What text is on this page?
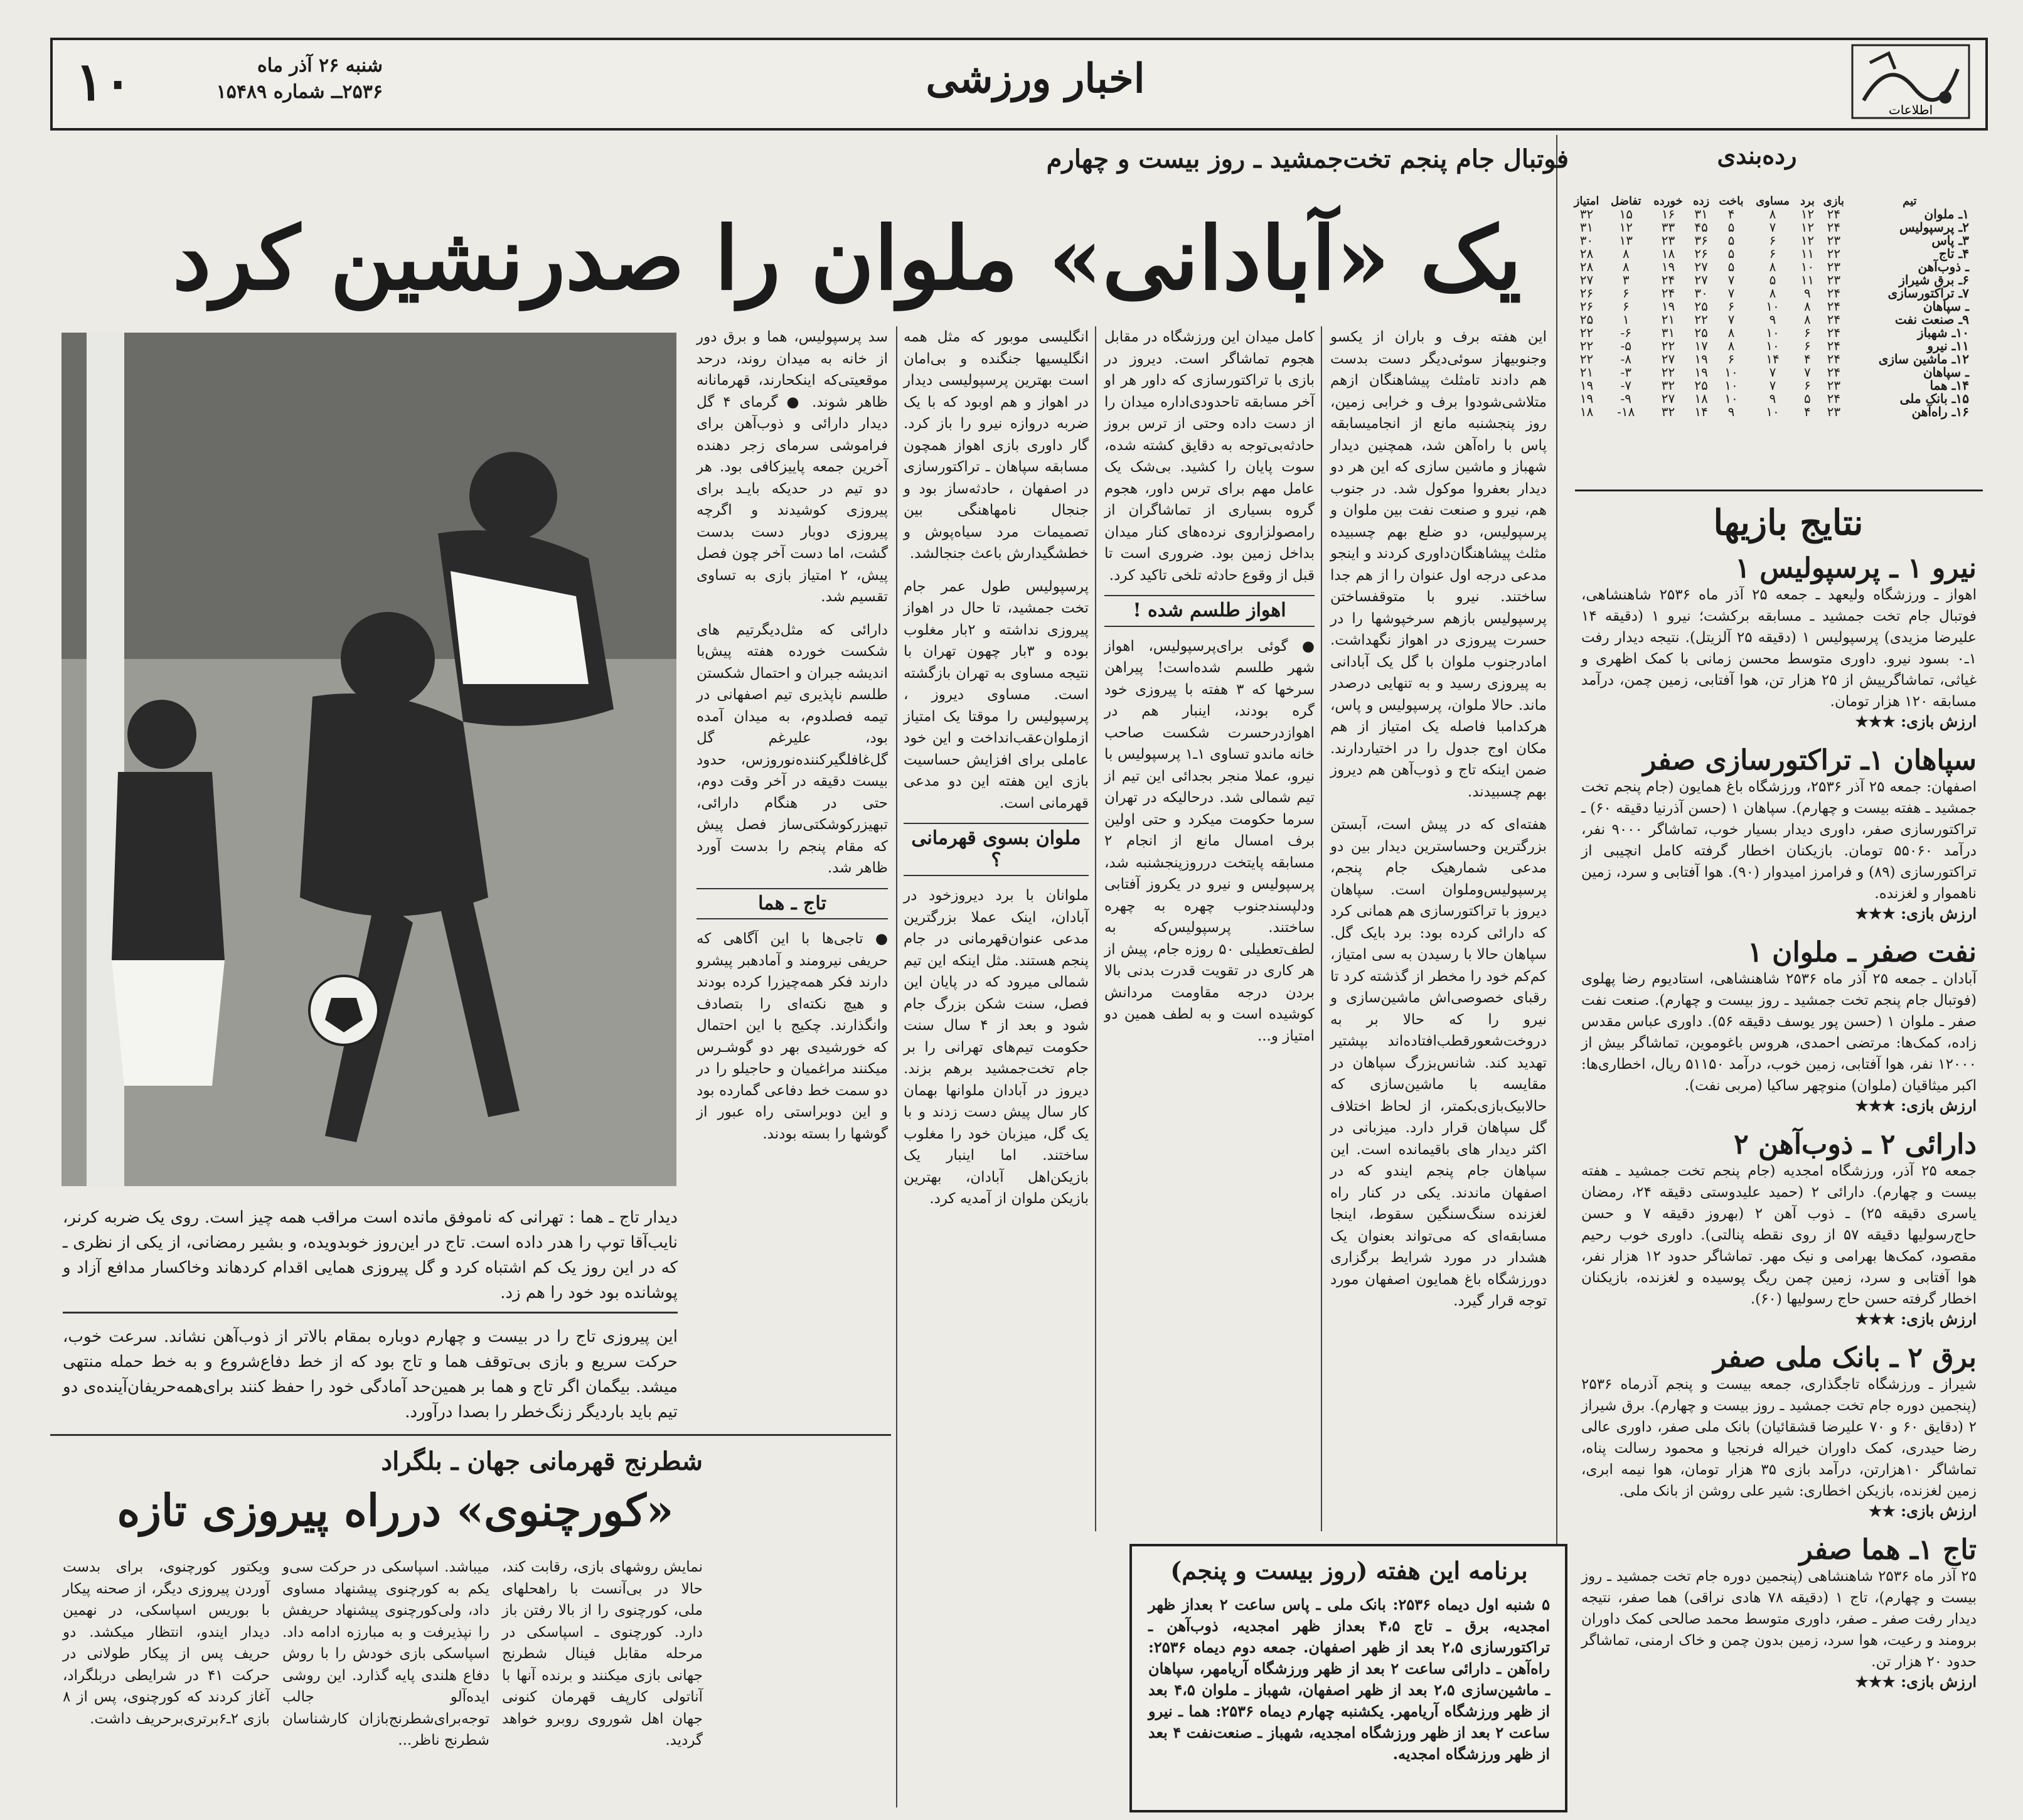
اطلاعات
اخبار ورزشی
شنبه ۲۶ آذر ماه
۲۵۳۶ــ شماره ۱۵۴۸۹
۱۰
رده‌بندی
تیم	بازی	برد	مساوی	باخت	زده	خورده	تفاضل	امتیاز
۱ـ ملوان	۲۴	۱۲	۸	۴	۳۱	۱۶	۱۵	۳۲
۲ـ پرسپولیس	۲۴	۱۲	۷	۵	۴۵	۳۳	۱۲	۳۱
۳ـ پاس	۲۳	۱۲	۶	۵	۳۶	۲۳	۱۳	۳۰
۴ـ تاج	۲۲	۱۱	۶	۵	۲۶	۱۸	۸	۲۸
ـ ذوب‌آهن	۲۳	۱۰	۸	۵	۲۷	۱۹	۸	۲۸
۶ـ برق شیراز	۲۳	۱۱	۵	۷	۲۷	۲۴	۳	۲۷
۷ـ تراکتورسازی	۲۴	۹	۸	۷	۳۰	۲۴	۶	۲۶
ـ سپاهان	۲۴	۸	۱۰	۶	۲۵	۱۹	۶	۲۶
۹ـ صنعت نفت	۲۴	۸	۹	۷	۲۲	۲۱	۱	۲۵
۱۰ـ شهباز	۲۴	۶	۱۰	۸	۲۵	۳۱	۶-	۲۲
۱۱ـ نیرو	۲۴	۶	۱۰	۸	۱۷	۲۲	۵-	۲۲
۱۲ـ ماشین سازی	۲۴	۴	۱۴	۶	۱۹	۲۷	۸-	۲۲
ـ سپاهان	۲۴	۷	۷	۱۰	۱۹	۲۲	۳-	۲۱
۱۴ـ هما	۲۳	۶	۷	۱۰	۲۵	۳۲	۷-	۱۹
۱۵ـ بانک ملی	۲۴	۵	۹	۱۰	۱۸	۲۷	۹-	۱۹
۱۶ـ راه‌آهن	۲۳	۴	۱۰	۹	۱۴	۳۲	۱۸-	۱۸
نتایج بازیها
نیرو ۱ ـ پرسپولیس ۱
اهواز ـ ورزشگاه ولیعهد ـ جمعه ۲۵ آذر ماه ۲۵۳۶ شاهنشاهی، فوتبال جام تخت جمشید ـ مسابقه برکشت؛ نیرو ۱ (دقیقه ۱۴ علیرضا مزیدی) پرسپولیس ۱ (دقیقه ۲۵ آلزیتل). نتیجه دیدار رفت ۱ـ۰ بسود نیرو. داوری متوسط محسن زمانی با کمک اظهری و غیاثی، تماشاگرییش از ۲۵ هزار تن، هوا آفتابی، زمین چمن، درآمد مسابقه ۱۲۰ هزار تومان.
ارزش بازی: ★★★
سپاهان ۱ـ تراکتورسازی صفر
اصفهان: جمعه ۲۵ آذر ۲۵۳۶، ورزشگاه باغ همایون (جام پنجم تخت جمشید ـ هفته بیست و چهارم). سپاهان ۱ (حسن آذرنیا دقیقه ۶۰) ـ تراکتورسازی صفر، داوری دیدار بسیار خوب، تماشاگر ۹۰۰۰ نفر، درآمد ۵۵۰۶۰ تومان. بازیکنان اخطار گرفته کامل انچیبی از تراکتورسازی (۸۹) و فرامرز امیدوار (۹۰). هوا آفتابی و سرد، زمین ناهموار و لغزنده.
ارزش بازی: ★★★
نفت صفر ـ ملوان ۱
آبادان ـ جمعه ۲۵ آذر ماه ۲۵۳۶ شاهنشاهی، استادیوم رضا پهلوی (فوتبال جام پنجم تخت جمشید ـ روز بیست و چهارم). صنعت نفت صفر ـ ملوان ۱ (حسن پور یوسف دقیقه ۵۶). داوری عباس مقدس زاده، کمک‌ها: مرتضی احمدی، هروس باغوموین، تماشاگر بیش از ۱۲۰۰۰ نفر، هوا آفتابی، زمین خوب، درآمد ۵۱۱۵۰ ریال، اخطاری‌ها: اکبر میثاقیان (ملوان) منوچهر ساکیا (مربی نفت).
ارزش بازی: ★★★
دارائی ۲ ـ ذوب‌آهن ۲
جمعه ۲۵ آذر، ورزشگاه امجدیه (جام پنجم تخت جمشید ـ هفته بیست و چهارم). دارائی ۲ (حمید علیدوستی دقیقه ۲۴، رمضان یاسری دقیقه ۲۵) ـ ذوب آهن ۲ (بهروز دقیقه ۷ و حسن حاج‌رسولیها دقیقه ۵۷ از روی نقطه پنالتی). داوری خوب رحیم مقصود، کمک‌ها بهرامی و نیک مهر. تماشاگر حدود ۱۲ هزار نفر، هوا آفتابی و سرد، زمین چمن ریگ پوسیده و لغزنده، بازیکنان اخطار گرفته حسن حاج رسولیها (۶۰).
ارزش بازی: ★★★
برق ۲ ـ بانک ملی صفر
شیراز ـ ورزشگاه تاجگذاری، جمعه بیست و پنجم آذرماه ۲۵۳۶ (پنجمین دوره جام تخت جمشید ـ روز بیست و چهارم). برق شیراز ۲ (دقایق ۶۰ و ۷۰ علیرضا قشقائیان) بانک ملی صفر، داوری عالی رضا حیدری، کمک داوران خیراله فرنجیا و محمود رسالت پناه، تماشاگر ۱۰هزارتن، درآمد بازی ۳۵ هزار تومان، هوا نیمه ابری، زمین لغزنده، بازیکن اخطاری: شیر علی روشن از بانک ملی.
ارزش بازی: ★★
تاج ۱ـ هما صفر
۲۵ آذر ماه ۲۵۳۶ شاهنشاهی (پنجمین دوره جام تخت جمشید ـ روز بیست و چهارم)، تاج ۱ (دقیقه ۷۸ هادی نراقی) هما صفر، نتیجه دیدار رفت صفر ـ صفر، داوری متوسط محمد صالحی کمک داوران برومند و رعیت، هوا سرد، زمین بدون چمن و خاک ارمنی، تماشاگر حدود ۲۰ هزار تن.
ارزش بازی: ★★★
فوتبال جام پنجم تخت‌جمشید ـ روز بیست و چهارم
یک «آبادانی» ملوان را صدرنشین کرد
دیدار تاج ـ هما : تهرانی که ناموفق مانده است مراقب همه چیز است. روی یک ضربه کرنر، نایب‌آقا توپ را هدر داده است. تاج در این‌روز خوبدویده، و بشیر رمضانی، از یکی از نظری ـ که در این روز یک کم اشتباه کرد و گل پیروزی همایی اقدام کردهاند وخاکسار مدافع آزاد و پوشانده بود خود را هم زد.
این پیروزی تاج را در بیست و چهارم دوباره بمقام بالاتر از ذوب‌آهن نشاند. سرعت خوب، حرکت سریع و بازی بی‌توقف هما و تاج بود که از خط دفاع‌شروع و به خط حمله منتهی میشد. بیگمان اگر تاج و هما بر همین‌حد آمادگی خود را حفظ کنند برای‌همه‌حریفان‌آینده‌ی دو تیم باید باردیگر زنگ‌خطر را بصدا درآورد.
این هفته برف و باران از یکسو وجنوبیهاز سوئی‌دیگر دست بدست هم دادند تامثلث پیشاهنگان ازهم متلاشی‌شودوا برف و خرابی زمین، روز پنجشنبه مانع از انجامیسابقه پاس با راه‌آهن شد، همچنین دیدار شهباز و ماشین سازی که این هر دو دیدار بعفروا موکول شد. در جنوب هم، نیرو و صنعت نفت بین ملوان و پرسپولیس، دو ضلع بهم چسبیده مثلث پیشاهنگان‌داوری کردند و اینجو مدعی درجه اول عنوان را از هم جدا ساختند. نیرو با متوقفساختن پرسپولیس بازهم سرخپوشها را در حسرت پیروزی در اهواز نگهداشت. امادرجنوب ملوان با گل یک آبادانی به پیروزی رسید و به تنهایی درصدر ماند. حالا ملوان، پرسپولیس و پاس، هرکدامبا فاصله یک امتیاز از هم‌ مکان اوج جدول‌ را در اختیاردارند. ضمن اینکه تاج و ذوب‌آهن هم دیروز بهم چسبیدند.
هفته‌ای که در پیش است، آبستن بزرگترین وحساسترین دیدار بین دو مدعی شمارهیک جام پنجم، پرسپولیس‌وملوان است. سپاهان دیروز با تراکتورسازی هم همانی کرد که دارائی کرده بود: برد بایک گل. سپاهان حالا با رسیدن به سی امتیاز، کم‌کم خود را مخطر از گذشته کرد تا رقبای خصوصی‌اش ماشین‌سازی و نیرو را که حالا بر به دروخت‌شعورقطب‌افتاده‌اند بپشتیر تهدید کند. شانس‌بزرگ سپاهان در مقایسه با ماشین‌سازی که حالابیک‌بازی‌بکمتر، از لحاظ اختلاف گل سپاهان قرار دارد. میزبانی در اکثر دیدار های باقیمانده است. این سپاهان جام پنجم ایندو که در اصفهان ماندند. یکی در کنار راه لغزنده سنگ‌سنگین سقوط، اینجا مسابقه‌ای که می‌تواند بعنوان یک هشدار در مورد شرایط برگزاری دورزشگاه باغ همایون اصفهان مورد توجه قرار گیرد.
کامل میدان این ورزشگاه در مقابل هجوم تماشاگر است. دیروز در بازی با تراکتورسازی که داور هر او آخر مسابقه تاحدودی‌اداره میدان را از دست داده وحتی از ترس بروز حادثه‌بی‌توجه به دقایق کشته شده، سوت پایان را کشید. بی‌شک یک عامل مهم برای ترس داور، هجوم گروه بسیاری از تماشاگران از رامصولزاروی نرده‌های کنار میدان بداخل زمین بود. ضروری است تا قبل از وقوع حادثه تلخی تاکید کرد.
اهواز طلسم شده !
● گوئی برای‌پرسپولیس، اهواز شهر طلسم شده‌است! پیراهن سرخها که ۳ هفته با پیروزی خود گره بودند، اینبار هم در اهوازدرحسرت شکست صاحب خانه ماندو تساوی ۱ـ۱ پرسپولیس با نیرو، عملا منجر بجدائی این تیم از تیم شمالی شد. درحالیکه در تهران سرما حکومت میکرد و حتی اولین برف امسال مانع از انجام ۲ مسابقه پایتخت درروزپنجشنبه شد، پرسپولیس و نیرو در یکروز آفتابی ودلپسندجنوب چهره به چهره ساختند. پرسپولیس‌که به لطف‌تعطیلی ۵۰ روزه جام، پیش از هر کاری در تقویت قدرت بدنی بالا بردن درجه مقاومت مردانش کوشیده است و به لطف همین دو امتیاز و...
انگلیسی موبور که مثل همه انگلیسیها جنگنده و بی‌امان است بهترین پرسپولیسی دیدار در اهواز و هم اوبود که با یک ضربه دروازه نیرو را باز کرد. گار داوری بازی اهواز همچون مسابقه سپاهان ـ تراکتورسازی در اصفهان ، حادثه‌ساز بود و جنجال نامهاهنگی بین تصمیمات مرد سیاه‌پوش و خطشگیدارش باعث جنجالشد.
پرسپولیس طول عمر جام تخت جمشید، تا حال در اهواز پیروزی نداشته و ۲بار مغلوب بوده و ۳بار چهون تهران با نتیجه مساوی به تهران بازگشته است. مساوی دیروز ، پرسپولیس را موقتا یک امتیاز ازملوان‌عقب‌انداخت و این خود عاملی برای افزایش حساسیت بازی این هفته این دو مدعی قهرمانی است.
ملوان بسوی قهرمانی ؟
ملوانان با برد دیروزخود در آبادان، اینک عملا بزرگترین مدعی عنوان‌قهرمانی در جام پنجم هستند. مثل اینکه این تیم شمالی میرود که در پایان این فصل، سنت شکن بزرگ جام شود و بعد از ۴ سال سنت حکومت تیم‌های تهرانی را بر جام تخت‌جمشید برهم بزند. دیروز در آبادان ملوانها بهمان کار سال پیش دست زدند و با یک گل، میزبان خود را مغلوب ساختند. اما اینبار یک بازیکن‌اهل آبادان، بهترین بازیکن ملوان از آمدیه کرد.
سد پرسپولیس، هما و برق‌ دور از خانه به میدان روند، درحد موقعیتی‌که اینکحارند، قهرمانانه ظاهر شوند. ● گرمای ۴ گل دیدار دارائی و ذوب‌آهن برای فراموشی سرمای زجر دهنده آخرین جمعه پاییزکافی بود. هر دو تیم در حدیکه بایـد برای پیروزی کوشیدند و اگرچه پیروزی دوبار دست بدست گشت، اما دست آخر چون فصل پیش، ۲ امتیاز بازی به تساوی تقسیم شد.
دارائی که مثل‌دیگرتیم های شکست خورده هفته پیش‌با اندیشه جبران و احتمال شکستن طلسم ناپذیری تیم اصفهانی در تیمه فصلدوم، به میدان آمده بود، علیرغم گل گل‌غافلگیرکننده‌نوروزس، حدود بیست دقیقه در آخر وقت دوم، حتی در هنگام دارائی، تبهیزرکوشکتی‌ساز فصل پیش که مقام پنجم را بدست آورد ظاهر شد.
تاج ـ هما
● تاجی‌ها با این آگاهی که حریفی نیرومند و آمادهبر پیشرو دارند فکر همه‌چیزرا کرده بودند و هیچ نکته‌ای را بتصادف وانگذارند. چکیج با این احتمال که خورشیدی بهر دو گوشـرس میکنند مراغمیان و حاجیلو را در دو سمت خط دفاعی گمارده بود و این دوبراستی راه عبور از گوشها را بسته بودند.
شطرنج قهرمانی جهان ـ بلگراد
«کورچنوی» درراه پیروزی تازه
نمایش روشهای بازی، رقابت کند، حالا در بی‌آنست با راهحلهای ملی، کورچنوی را از بالا رفتن باز دارد. کورچنوی ـ اسپاسکی در مرحله مقابل فینال شطرنج جهانی بازی میکنند و برنده آنها با آناتولی کارپف قهرمان کنونی جهان اهل شوروی روبرو خواهد گردید.
میباشد. اسپاسکی در حرکت سی‌و یکم به کورچنوی پیشنهاد مساوی داد، ولی‌کورچنوی پیشنهاد حریفش را نپذیرفت و به مبارزه ادامه داد. اسپاسکی بازی خودش را با روش دفاع هلندی پایه گذارد. این روشی ایده‌آلو جالب توجه‌برای‌شطرنج‌بازان کارشناسان شطرنج ناظر...
ویکتور کورچنوی، برای بدست آوردن پیروزی دیگر، از صحنه پیکار با بوریس اسپاسکی، در نهمین دیدار ایندو، انتظار میکشد. دو حریف پس از پیکار طولانی در حرکت ۴۱ در شرایطی دربلگراد، آغاز کردند که کورچنوی، پس از ۸ بازی ۲ـ۶برتری‌بر‌حریف داشت.
برنامه این هفته (روز بیست و پنجم)
۵ شنبه اول دیماه ۲۵۳۶: بانک ملی ـ پاس ساعت ۲ بعداز ظهر امجدیه، برق ـ تاج ۴،۵ بعداز ظهر امجدیه، ذوب‌آهن ـ تراکتورسازی ۲،۵ بعد از ظهر اصفهان. جمعه دوم دیماه ۲۵۳۶: راه‌آهن ـ دارائی ساعت ۲ بعد از ظهر ورزشگاه آریامهر، سپاهان ـ ماشین‌سازی ۲،۵ بعد از ظهر اصفهان، شهباز ـ ملوان ۴،۵ بعد از ظهر ورزشگاه آریامهر. یکشنبه چهارم دیماه ۲۵۳۶: هما ـ نیرو ساعت ۲ بعد از ظهر ورزشگاه امجدیه، شهباز ـ صنعت‌نفت ۴ بعد از ظهر ورزشگاه امجدیه.
